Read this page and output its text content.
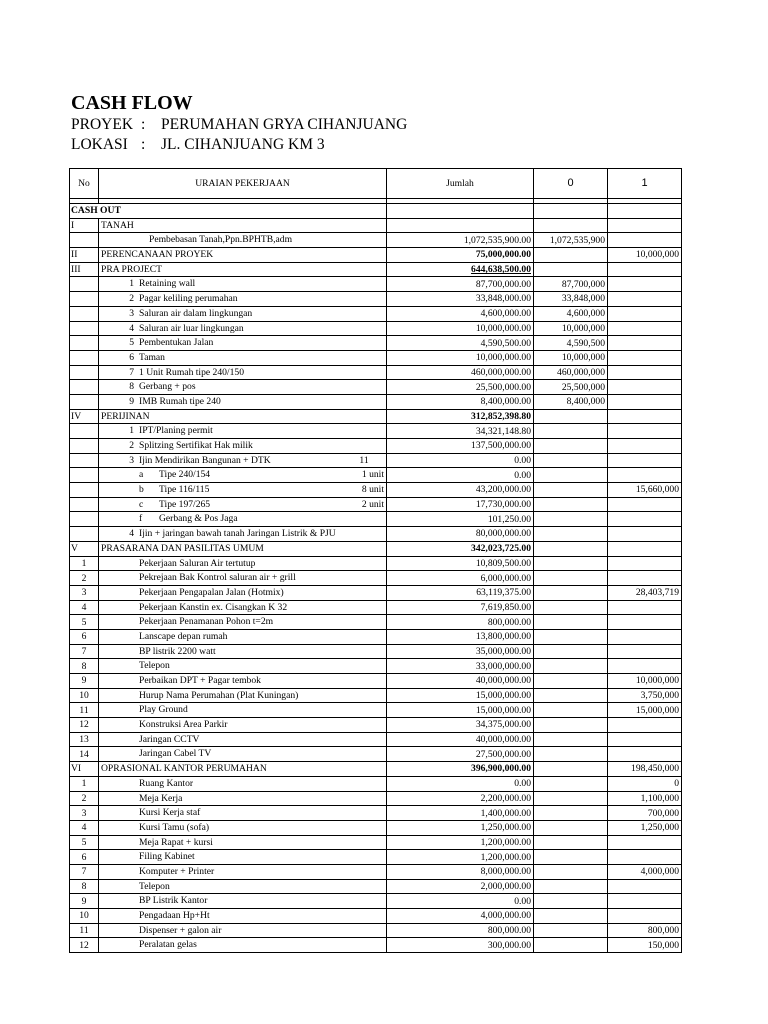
CASH FLOW
PROYEK : PERUMAHAN GRYA CIHANJUANG
LOKASI : JL. CIHANJUANG KM 3
No	URAIAN PEKERJAAN	Jumlah	0	1

CASH OUT				
I	TANAH			

	Pembebasan Tanah,Ppn.BPHTB,adm	1,072,535,900.00	1,072,535,900	
II	PERENCANAAN PROYEK	75,000,000.00		10,000,000
III	PRA PROJECT	644,638,500.00		

	1 Retaining wall	87,700,000.00	87,700,000	

	2 Pagar keliling perumahan	33,848,000.00	33,848,000	

	3 Saluran air dalam lingkungan	4,600,000.00	4,600,000	

	4 Saluran air luar lingkungan	10,000,000.00	10,000,000	

	5 Pembentukan Jalan	4,590,500.00	4,590,500	

	6 Taman	10,000,000.00	10,000,000	

	7 1 Unit Rumah tipe 240/150	460,000,000.00	460,000,000	

	8 Gerbang + pos	25,500,000.00	25,500,000	

	9 IMB Rumah tipe 240	8,400,000.00	8,400,000	
IV	PERIJINAN	312,852,398.80		

	1 IPT/Planing permit	34,321,148.80		

	2 Splitzing Sertifikat Hak milik	137,500,000.00		

	3 Ijin Mendirikan Bangunan + DTK 11	0.00		

	a Tipe 240/154 1 unit	0.00		

	b Tipe 116/115 8 unit	43,200,000.00		15,660,000

	c Tipe 197/265 2 unit	17,730,000.00		

	f Gerbang & Pos Jaga	101,250.00		

	4 Ijin + jaringan bawah tanah Jaringan Listrik & PJU	80,000,000.00		
V	PRASARANA DAN PASILITAS UMUM	342,023,725.00		
1	Pekerjaan Saluran Air tertutup	10,809,500.00		
2	Pekrejaan Bak Kontrol saluran air + grill	6,000,000.00		
3	Pekerjaan Pengapalan Jalan (Hotmix)	63,119,375.00		28,403,719
4	Pekerjaan Kanstin ex. Cisangkan K 32	7,619,850.00		
5	Pekerjaan Penamanan Pohon t=2m	800,000.00		
6	Lanscape depan rumah	13,800,000.00		
7	BP listrik 2200 watt	35,000,000.00		
8	Telepon	33,000,000.00		
9	Perbaikan DPT + Pagar tembok	40,000,000.00		10,000,000
10	Hurup Nama Perumahan (Plat Kuningan)	15,000,000.00		3,750,000
11	Play Ground	15,000,000.00		15,000,000
12	Konstruksi Area Parkir	34,375,000.00		
13	Jaringan CCTV	40,000,000.00		
14	Jaringan Cabel TV	27,500,000.00		
VI	OPRASIONAL KANTOR PERUMAHAN	396,900,000.00		198,450,000
1	Ruang Kantor	0.00		0
2	Meja Kerja	2,200,000.00		1,100,000
3	Kursi Kerja staf	1,400,000.00		700,000
4	Kursi Tamu (sofa)	1,250,000.00		1,250,000
5	Meja Rapat + kursi	1,200,000.00		
6	Filing Kabinet	1,200,000.00		
7	Komputer + Printer	8,000,000.00		4,000,000
8	Telepon	2,000,000.00		
9	BP Listrik Kantor	0.00		
10	Pengadaan Hp+Ht	4,000,000.00		
11	Dispenser + galon air	800,000.00		800,000
12	Peralatan gelas	300,000.00		150,000
